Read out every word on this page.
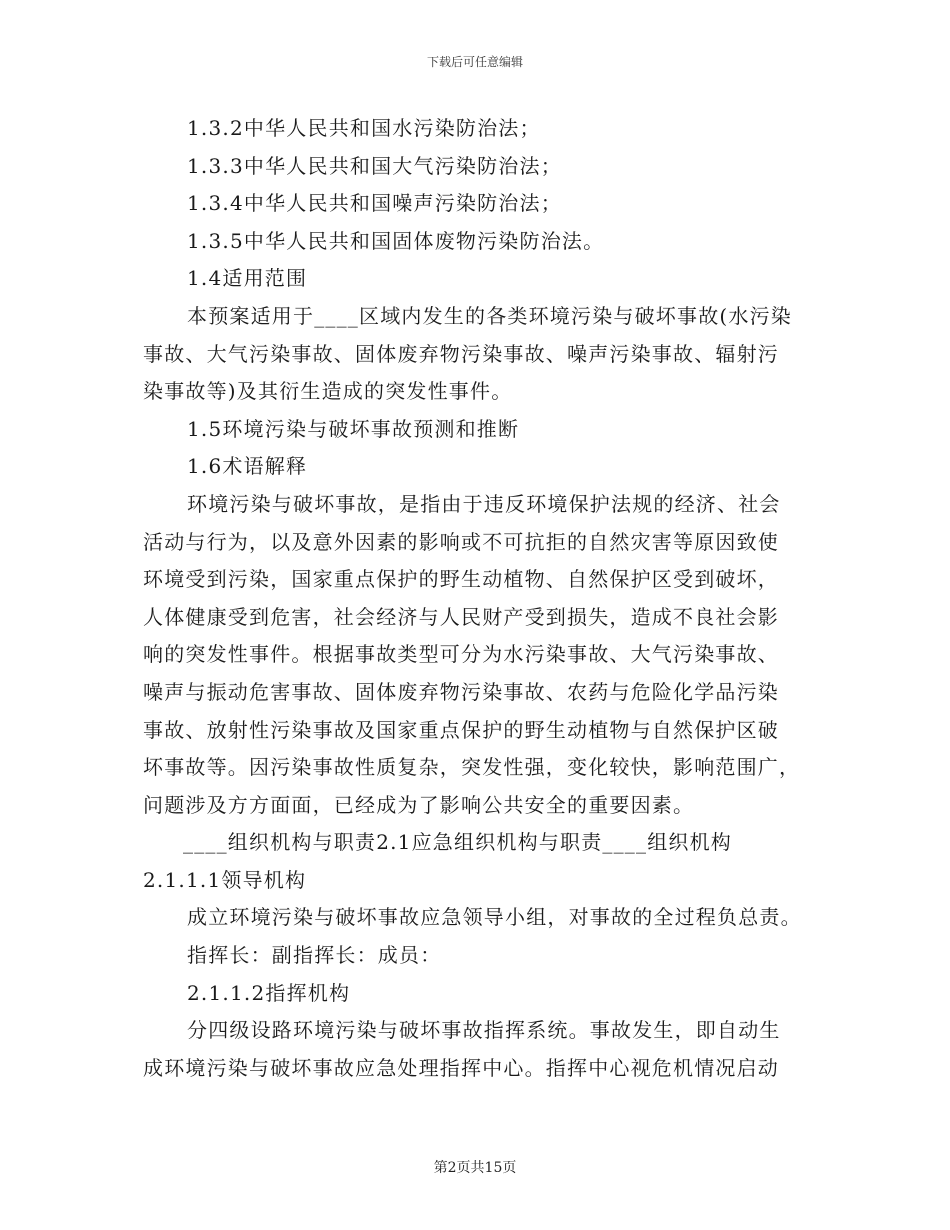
下载后可任意编辑
1.3.2中华人民共和国水污染防治法；
1.3.3中华人民共和国大气污染防治法；
1.3.4中华人民共和国噪声污染防治法；
1.3.5中华人民共和国固体废物污染防治法。
1.4适用范围
本预案适用于____区域内发生的各类环境污染与破坏事故(水污染
事故、大气污染事故、固体废弃物污染事故、噪声污染事故、辐射污
染事故等)及其衍生造成的突发性事件。
1.5环境污染与破坏事故预测和推断
1.6术语解释
环境污染与破坏事故，是指由于违反环境保护法规的经济、社会
活动与行为，以及意外因素的影响或不可抗拒的自然灾害等原因致使
环境受到污染，国家重点保护的野生动植物、自然保护区受到破坏，
人体健康受到危害，社会经济与人民财产受到损失，造成不良社会影
响的突发性事件。根据事故类型可分为水污染事故、大气污染事故、
噪声与振动危害事故、固体废弃物污染事故、农药与危险化学品污染
事故、放射性污染事故及国家重点保护的野生动植物与自然保护区破
坏事故等。因污染事故性质复杂，突发性强，变化较快，影响范围广，
问题涉及方方面面，已经成为了影响公共安全的重要因素。
____组织机构与职责2.1应急组织机构与职责____组织机构
2.1.1.1领导机构
成立环境污染与破坏事故应急领导小组，对事故的全过程负总责。
指挥长：副指挥长：成员：
2.1.1.2指挥机构
分四级设路环境污染与破坏事故指挥系统。事故发生，即自动生
成环境污染与破坏事故应急处理指挥中心。指挥中心视危机情况启动
第2页共15页
